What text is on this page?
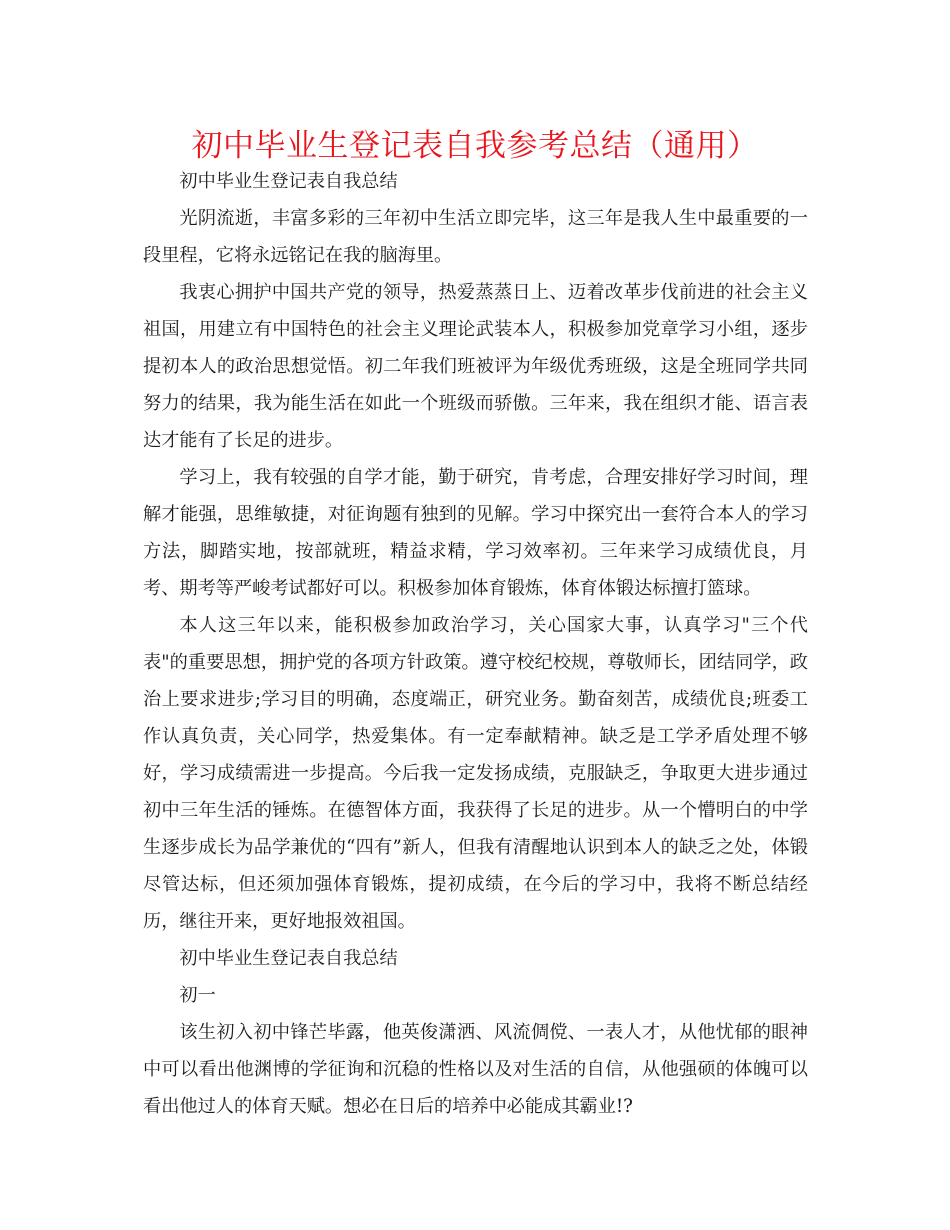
初中毕业生登记表自我参考总结（通用）

初中毕业生登记表自我总结

光阴流逝，丰富多彩的三年初中生活立即完毕，这三年是我人生中最重要的一段里程，它将永远铭记在我的脑海里。

我衷心拥护中国共产党的领导，热爱蒸蒸日上、迈着改革步伐前进的社会主义祖国，用建立有中国特色的社会主义理论武装本人，积极参加党章学习小组，逐步提初本人的政治思想觉悟。初二年我们班被评为年级优秀班级，这是全班同学共同努力的结果，我为能生活在如此一个班级而骄傲。三年来，我在组织才能、语言表达才能有了长足的进步。

学习上，我有较强的自学才能，勤于研究，肯考虑，合理安排好学习时间，理解才能强，思维敏捷，对征询题有独到的见解。学习中探究出一套符合本人的学习方法，脚踏实地，按部就班，精益求精，学习效率初。三年来学习成绩优良，月考、期考等严峻考试都好可以。积极参加体育锻炼，体育体锻达标擅打篮球。

本人这三年以来，能积极参加政治学习，关心国家大事，认真学习"三个代表"的重要思想，拥护党的各项方针政策。遵守校纪校规，尊敬师长，团结同学，政治上要求进步;学习目的明确，态度端正，研究业务。勤奋刻苦，成绩优良;班委工作认真负责，关心同学，热爱集体。有一定奉献精神。缺乏是工学矛盾处理不够好，学习成绩需进一步提高。今后我一定发扬成绩，克服缺乏，争取更大进步通过初中三年生活的锤炼。在德智体方面，我获得了长足的进步。从一个懵明白的中学生逐步成长为品学兼优的“四有”新人，但我有清醒地认识到本人的缺乏之处，体锻尽管达标，但还须加强体育锻炼，提初成绩，在今后的学习中，我将不断总结经历，继往开来，更好地报效祖国。

初中毕业生登记表自我总结

初一

该生初入初中锋芒毕露，他英俊潇洒、风流倜傥、一表人才，从他忧郁的眼神中可以看出他渊博的学征询和沉稳的性格以及对生活的自信，从他强硕的体魄可以看出他过人的体育天赋。想必在日后的培养中必能成其霸业!?
